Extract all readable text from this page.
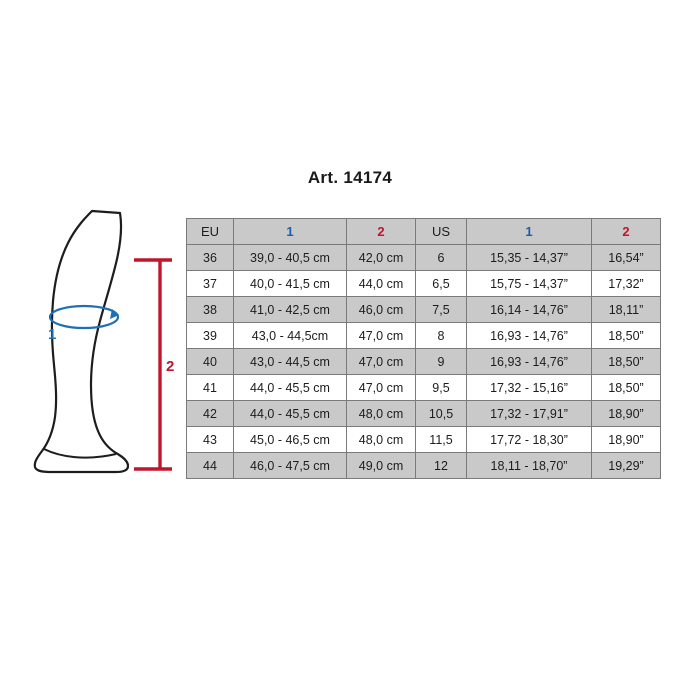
Art. 14174
1
2
EU	1	2	US	1	2
36	39,0 - 40,5 cm	42,0 cm	6	15,35 - 14,37”	16,54”
37	40,0 - 41,5 cm	44,0 cm	6,5	15,75 - 14,37”	17,32”
38	41,0 - 42,5 cm	46,0 cm	7,5	16,14 - 14,76”	18,11”
39	43,0 - 44,5cm	47,0 cm	8	16,93 - 14,76”	18,50”
40	43,0 - 44,5 cm	47,0 cm	9	16,93 - 14,76”	18,50”
41	44,0 - 45,5 cm	47,0 cm	9,5	17,32 - 15,16”	18,50”
42	44,0 - 45,5 cm	48,0 cm	10,5	17,32 - 17,91”	18,90”
43	45,0 - 46,5 cm	48,0 cm	11,5	17,72 - 18,30”	18,90”
44	46,0 - 47,5 cm	49,0 cm	12	18,11 - 18,70”	19,29”
